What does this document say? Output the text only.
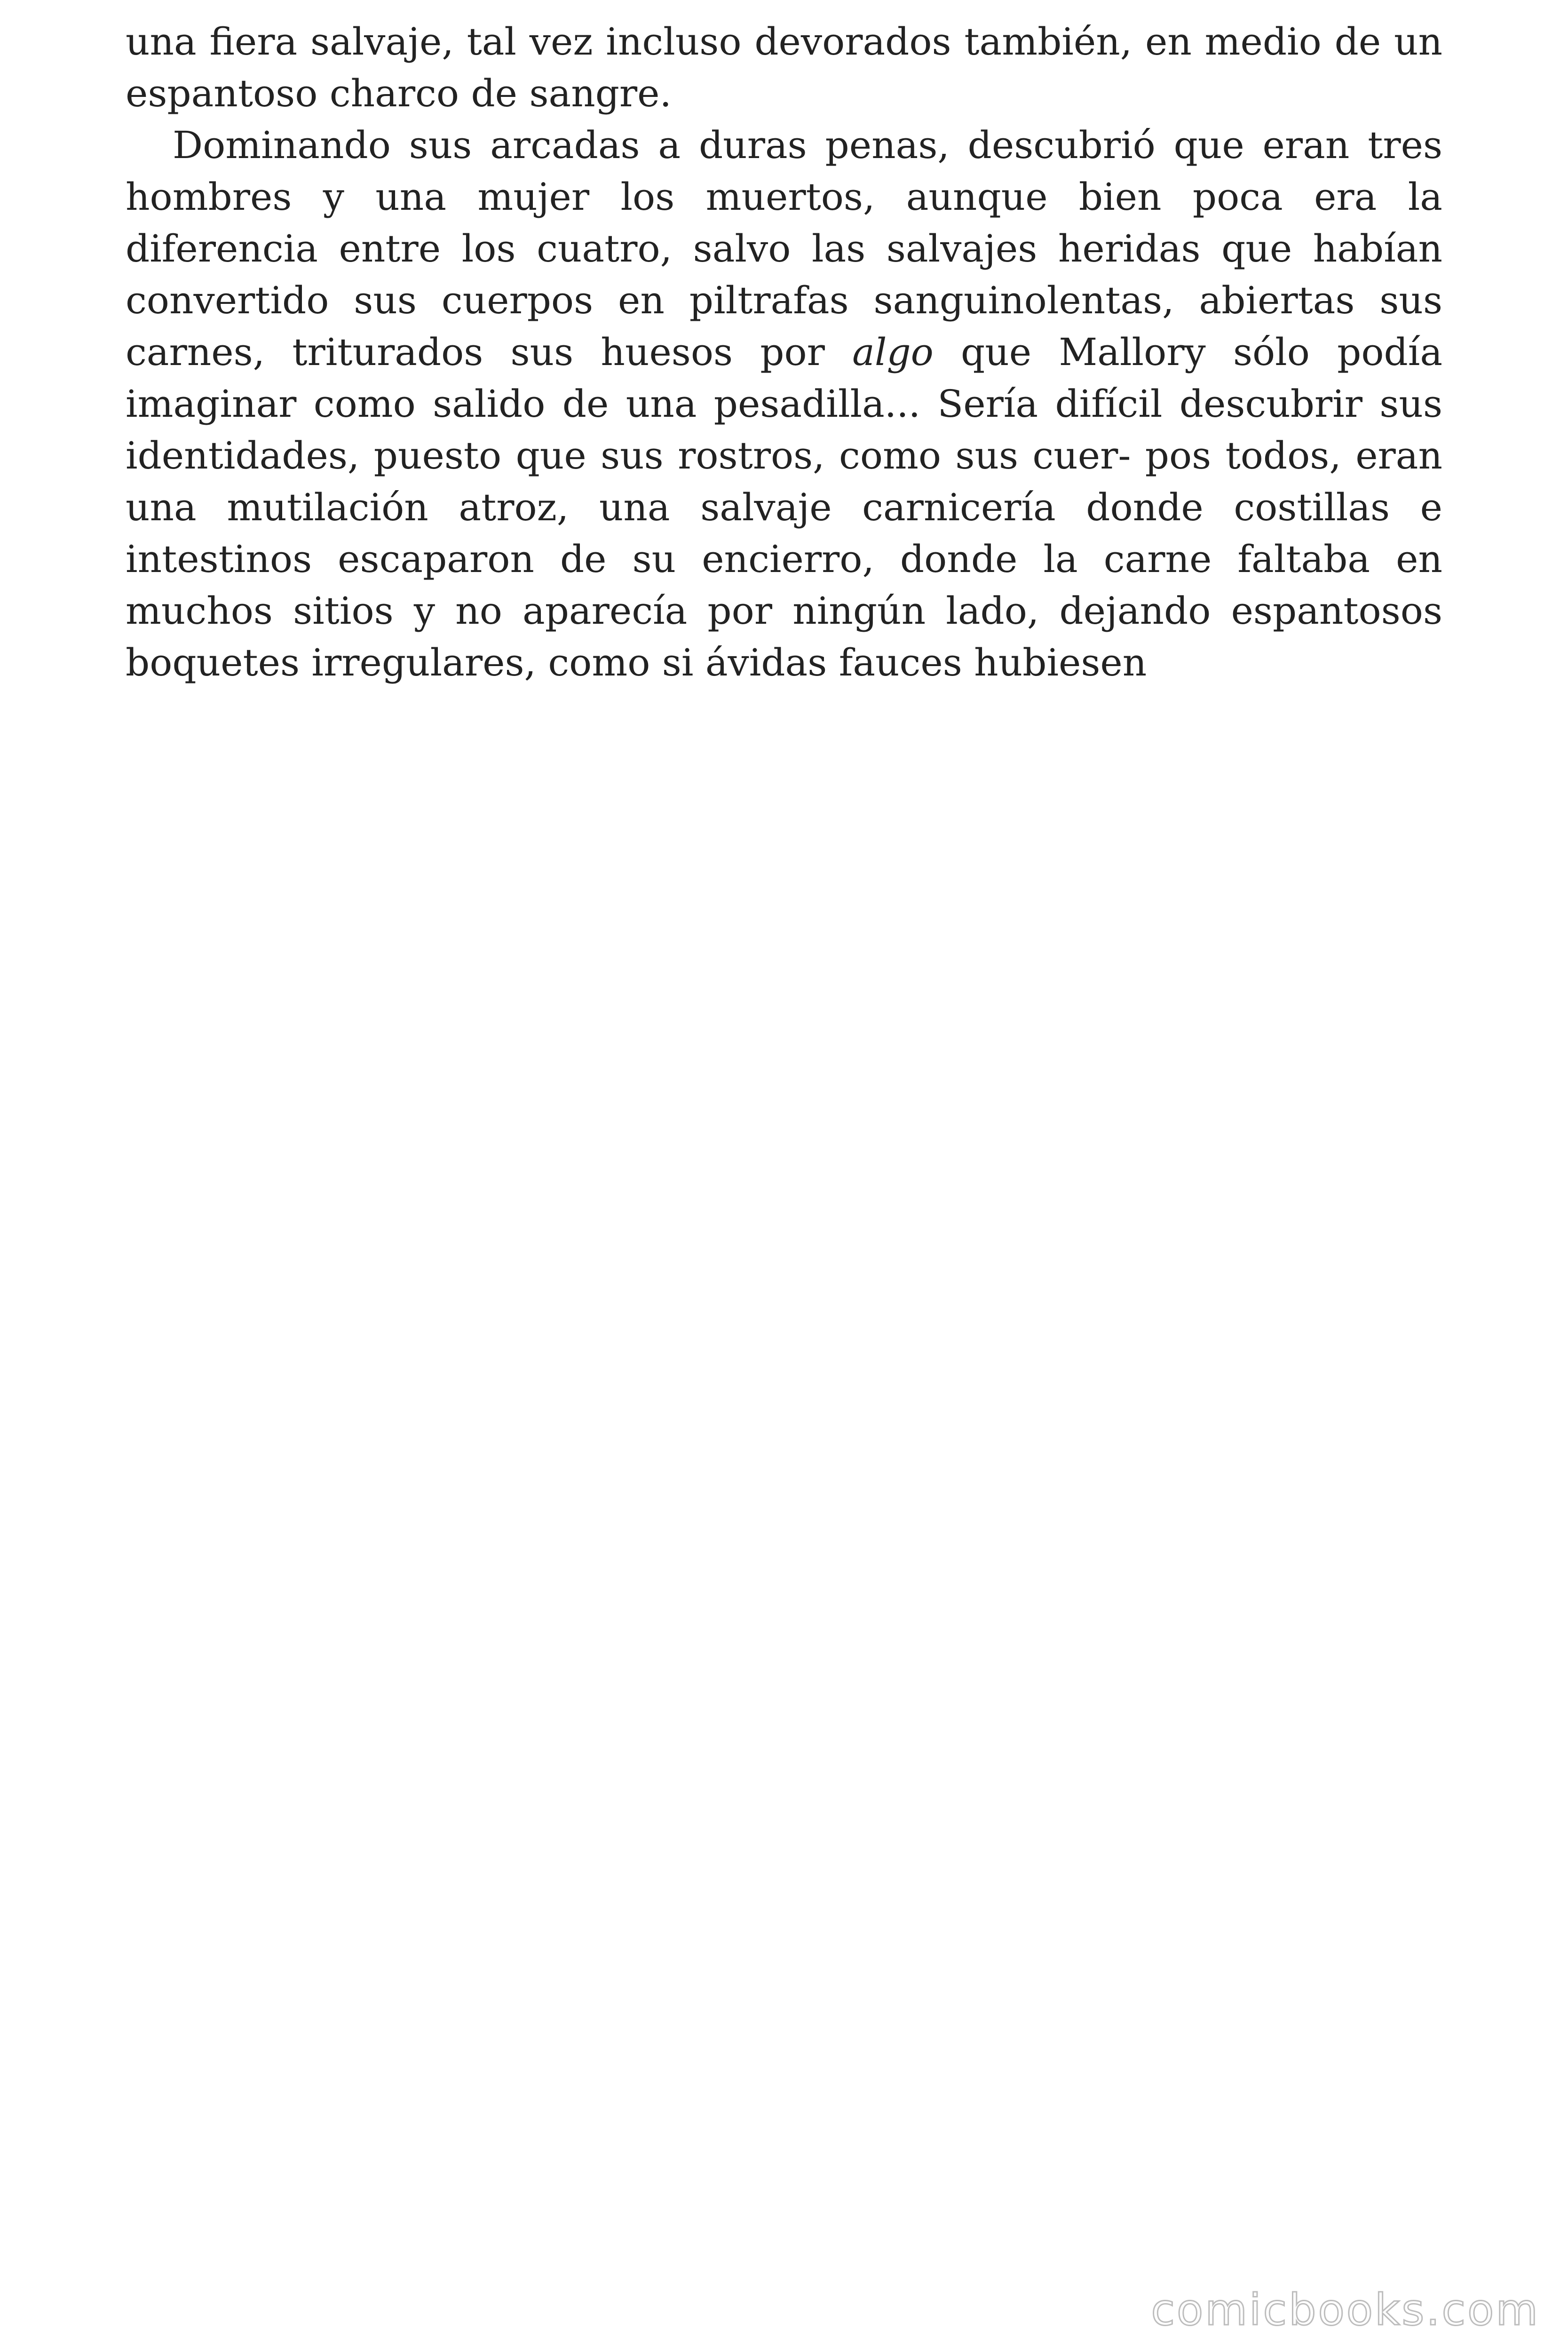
una fiera salvaje, tal vez incluso devorados también, en medio de un espantoso charco de sangre.

Dominando sus arcadas a duras penas, descubrió que eran tres hombres y una mujer los muertos, aunque bien poca era la diferencia entre los cuatro, salvo las salvajes heridas que habían convertido sus cuerpos en piltrafas sanguinolentas, abiertas sus carnes, triturados sus huesos por algo que Mallory sólo podía imaginar como salido de una pesadilla... Sería difícil descubrir sus identidades, puesto que sus rostros, como sus cuer- pos todos, eran una mutilación atroz, una salvaje carnicería donde costillas e intestinos escaparon de su encierro, donde la carne faltaba en muchos sitios y no aparecía por ningún lado, dejando espantosos boquetes irregulares, como si ávidas fauces hubiesen

comicbooks.com
